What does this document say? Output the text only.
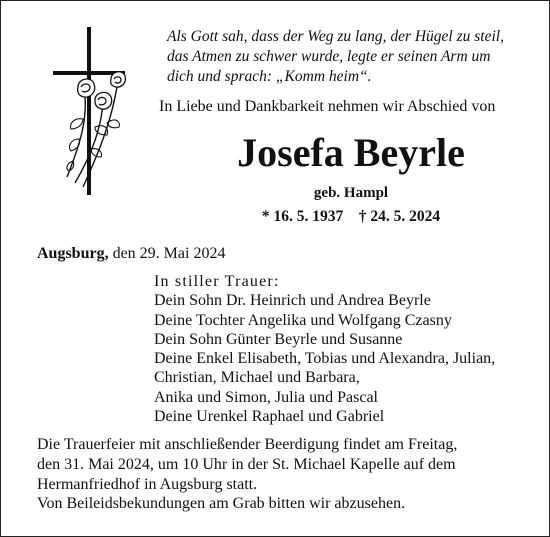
Als Gott sah, dass der Weg zu lang, der Hügel zu steil,
das Atmen zu schwer wurde, legte er seinen Arm um
dich und sprach: „Komm heim“.
In Liebe und Dankbarkeit nehmen wir Abschied von
Josefa Beyrle
geb. Hampl
* 16. 5. 1937 † 24. 5. 2024
Augsburg, den 29. Mai 2024
In stiller Trauer:
Dein Sohn Dr. Heinrich und Andrea Beyrle
Deine Tochter Angelika und Wolfgang Czasny
Dein Sohn Günter Beyrle und Susanne
Deine Enkel Elisabeth, Tobias und Alexandra, Julian,
Christian, Michael und Barbara,
Anika und Simon, Julia und Pascal
Deine Urenkel Raphael und Gabriel
Die Trauerfeier mit anschließender Beerdigung findet am Freitag,
den 31. Mai 2024, um 10 Uhr in der St. Michael Kapelle auf dem
Hermanfriedhof in Augsburg statt.
Von Beileidsbekundungen am Grab bitten wir abzusehen.
